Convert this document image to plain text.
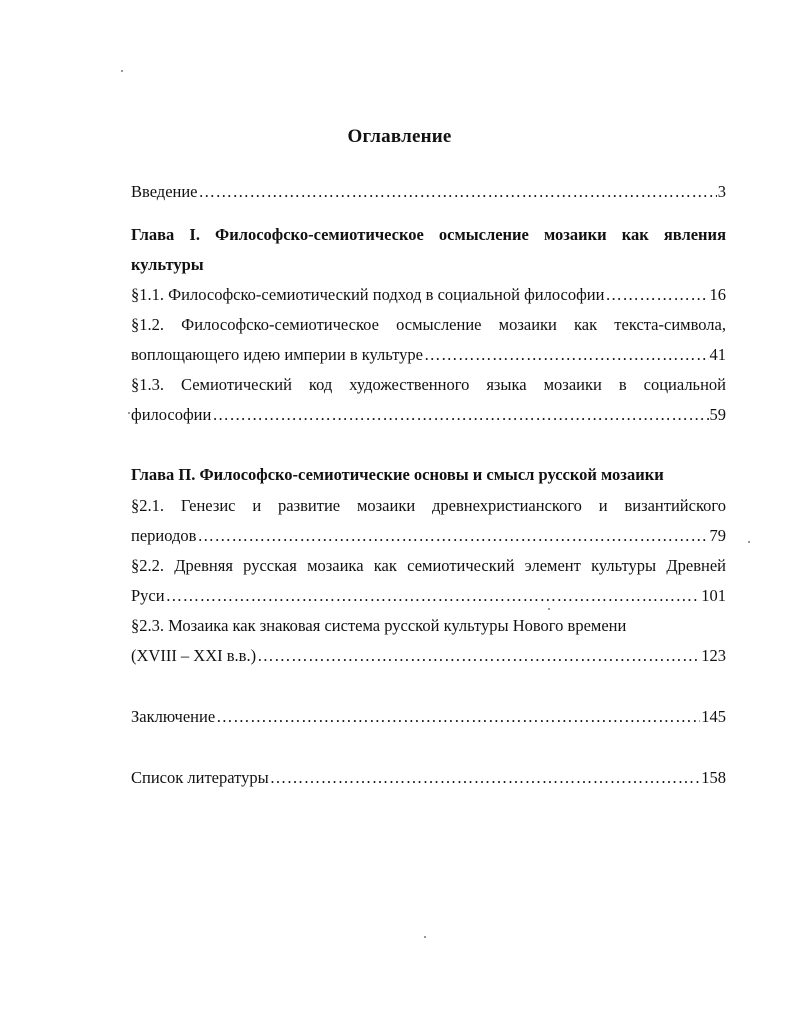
Оглавление
Введение …………………………………………………………………………………………………………………………………………………………	3
Глава I. Философско-семиотическое осмысление мозаики как явления
культуры
§1.1. Философско-семиотический подход в социальной философии …………………………………………………………………………………………………………………………………………………………	16
§1.2. Философско-семиотическое осмысление мозаики как текста-символа,
воплощающего идею империи в культуре …………………………………………………………………………………………………………………………………………………………	41
§1.3. Семиотический код художественного языка мозаики в социальной
философии …………………………………………………………………………………………………………………………………………………………	59
Глава П. Философско-семиотические основы и смысл русской мозаики
§2.1. Генезис и развитие мозаики древнехристианского и византийского
периодов …………………………………………………………………………………………………………………………………………………………	79
§2.2. Древняя русская мозаика как семиотический элемент культуры Древней
Руси …………………………………………………………………………………………………………………………………………………………	101
§2.3. Мозаика как знаковая система русской культуры Нового времени
(XVIII – XXI в.в.) …………………………………………………………………………………………………………………………………………………………	123
Заключение …………………………………………………………………………………………………………………………………………………………	145
Список литературы …………………………………………………………………………………………………………………………………………………………	158
